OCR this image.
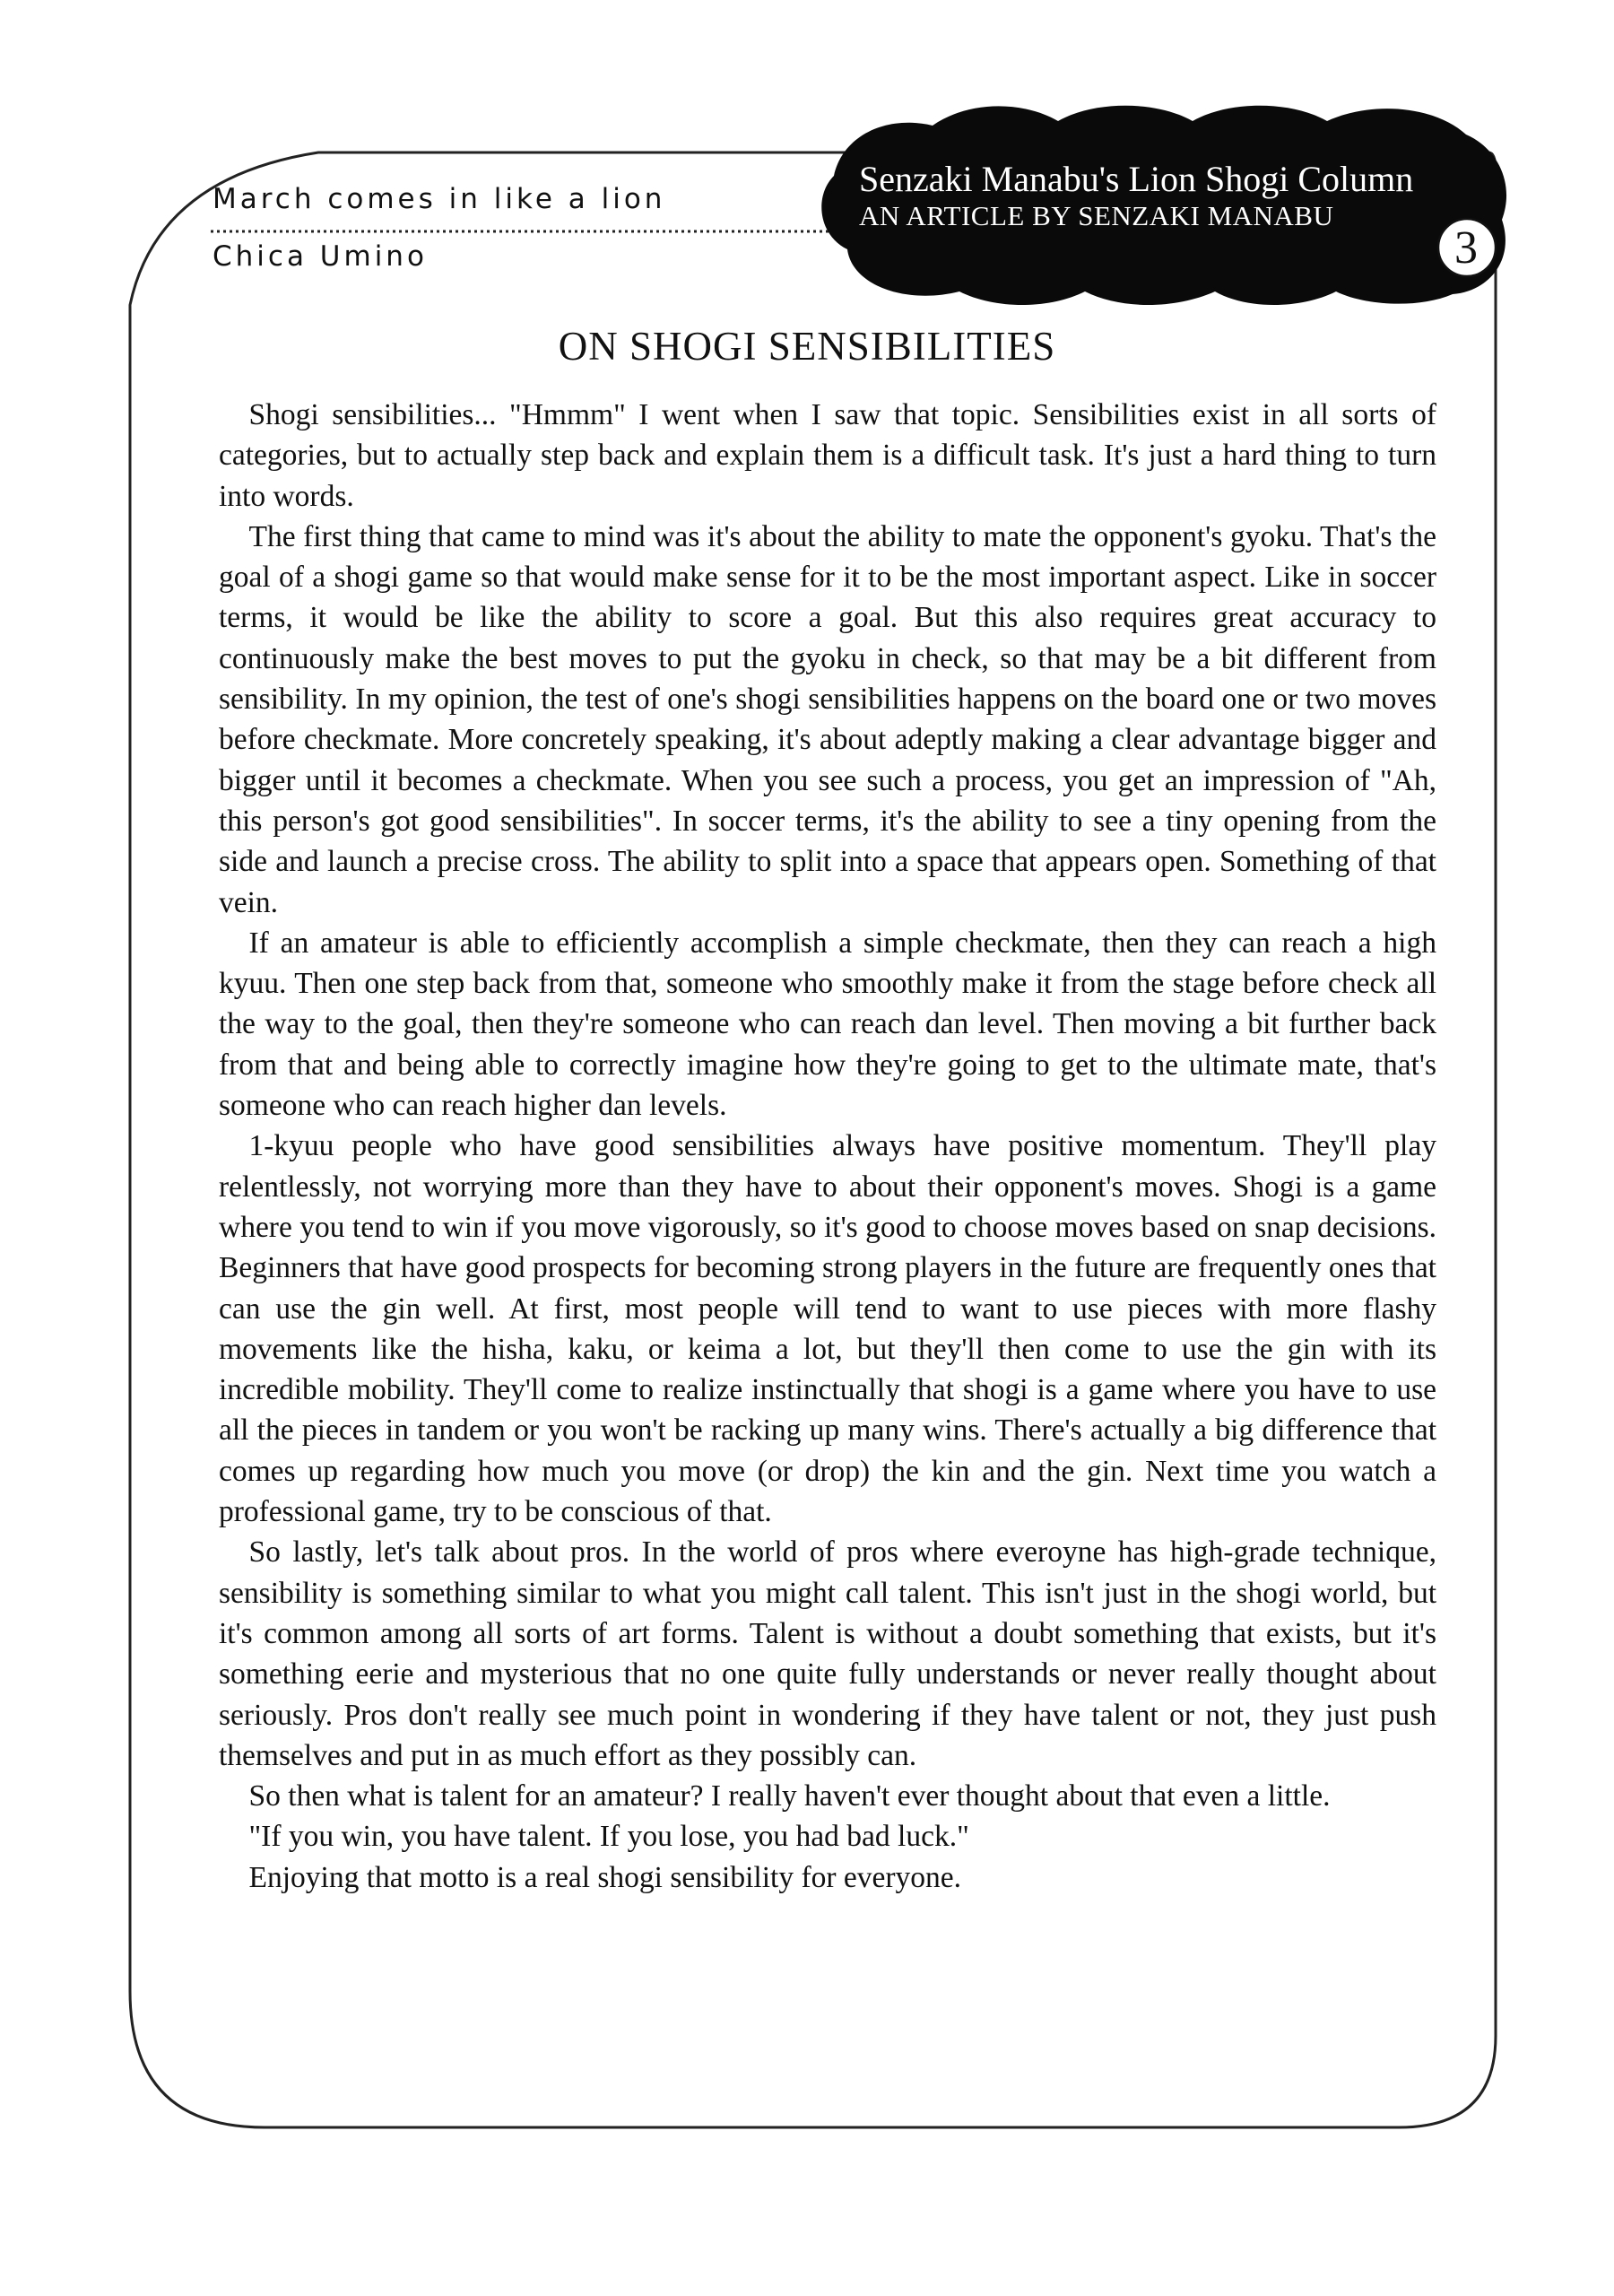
March comes in like a lion
Chica Umino
Senzaki Manabu's Lion Shogi Column
AN ARTICLE BY SENZAKI MANABU
3
ON SHOGI SENSIBILITIES

Shogi sensibilities... "Hmmm" I went when I saw that topic. Sensibilities exist in all sorts of categories, but to actually step back and explain them is a difficult task. It's just a hard thing to turn into words.

The first thing that came to mind was it's about the ability to mate the opponent's gyoku. That's the goal of a shogi game so that would make sense for it to be the most important aspect. Like in soccer terms, it would be like the ability to score a goal. But this also requires great accuracy to continuously make the best moves to put the gyoku in check, so that may be a bit different from sensibility. In my opinion, the test of one's shogi sensibilities happens on the board one or two moves before checkmate. More concretely speaking, it's about adeptly making a clear advantage bigger and bigger until it becomes a checkmate. When you see such a process, you get an impression of "Ah, this person's got good sensibilities". In soccer terms, it's the ability to see a tiny opening from the side and launch a precise cross. The ability to split into a space that appears open. Something of that vein.

If an amateur is able to efficiently accomplish a simple checkmate, then they can reach a high kyuu. Then one step back from that, someone who smoothly make it from the stage before check all the way to the goal, then they're someone who can reach dan level. Then moving a bit further back from that and being able to correctly imagine how they're going to get to the ultimate mate, that's someone who can reach higher dan levels.

1-kyuu people who have good sensibilities always have positive momentum. They'll play relentlessly, not worrying more than they have to about their opponent's moves. Shogi is a game where you tend to win if you move vigorously, so it's good to choose moves based on snap decisions. Beginners that have good prospects for becoming strong players in the future are frequently ones that can use the gin well. At first, most people will tend to want to use pieces with more flashy movements like the hisha, kaku, or keima a lot, but they'll then come to use the gin with its incredible mobility. They'll come to realize instinctually that shogi is a game where you have to use all the pieces in tandem or you won't be racking up many wins. There's actually a big difference that comes up regarding how much you move (or drop) the kin and the gin. Next time you watch a professional game, try to be conscious of that.

So lastly, let's talk about pros. In the world of pros where everoyne has high-grade technique, sensibility is something similar to what you might call talent. This isn't just in the shogi world, but it's common among all sorts of art forms. Talent is without a doubt something that exists, but it's something eerie and mysterious that no one quite fully understands or never really thought about seriously. Pros don't really see much point in wondering if they have talent or not, they just push themselves and put in as much effort as they possibly can.

So then what is talent for an amateur? I really haven't ever thought about that even a little.

"If you win, you have talent. If you lose, you had bad luck."

Enjoying that motto is a real shogi sensibility for everyone.
